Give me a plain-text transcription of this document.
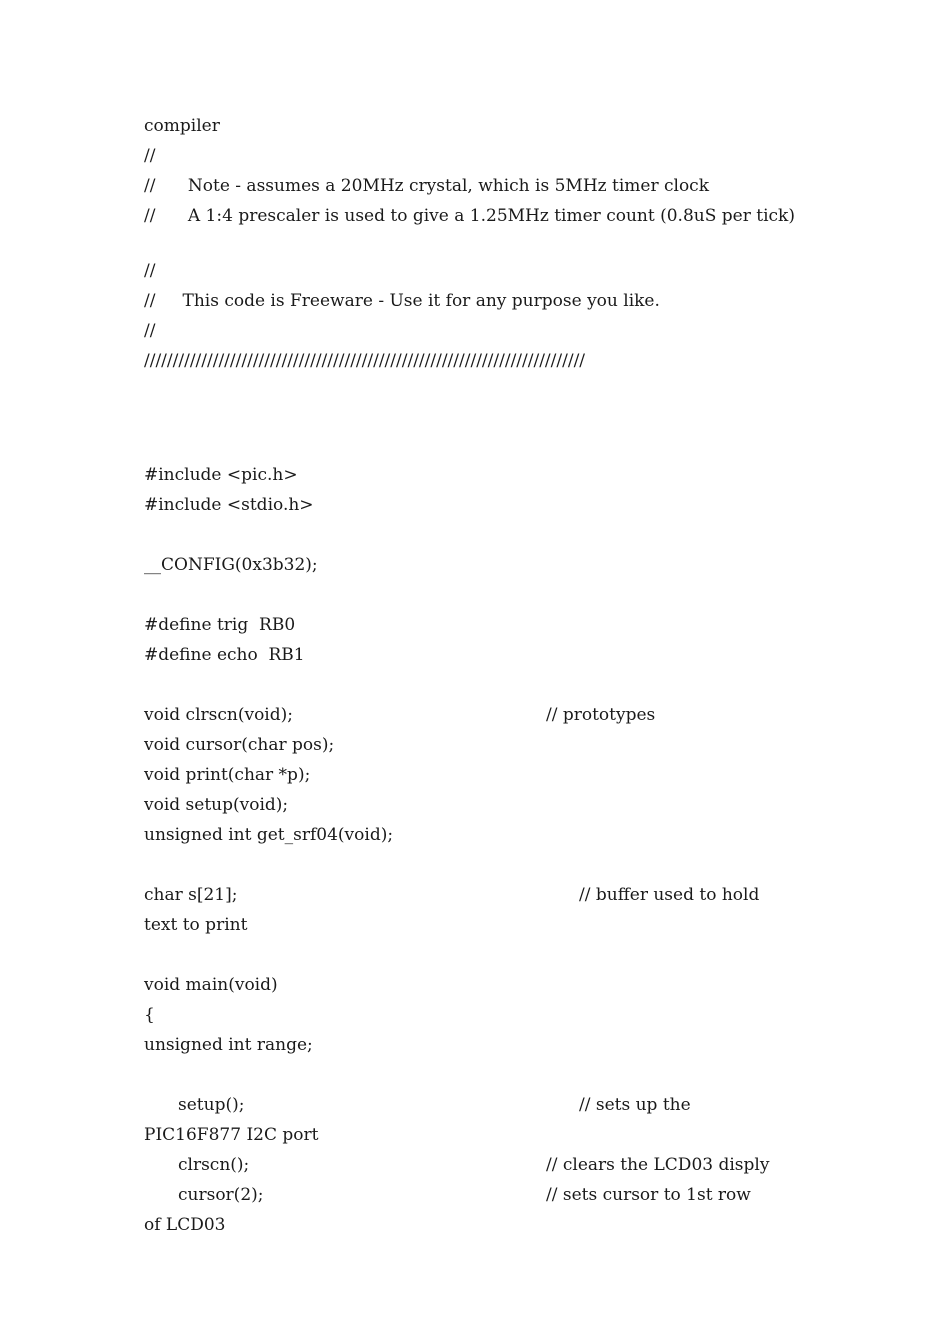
compiler

//

//      Note - assumes a 20MHz crystal, which is 5MHz timer clock

//      A 1:4 prescaler is used to give a 1.25MHz timer count (0.8uS per tick)

//

//     This code is Freeware - Use it for any purpose you like.

//

/////////////////////////////////////////////////////////////////////////////

#include <pic.h>

#include <stdio.h>

__CONFIG(0x3b32);

#define trig  RB0

#define echo  RB1

void clrscn(void);

	// prototypes

void cursor(char pos);

void print(char *p);

void setup(void);

unsigned int get_srf04(void);

char s[21];

	// buffer used to hold

text to print

void main(void)

{

unsigned int range;

setup();

	// sets up the

PIC16F877 I2C port

clrscn();

	// clears the LCD03 disply

cursor(2);

	// sets cursor to 1st row

of LCD03
